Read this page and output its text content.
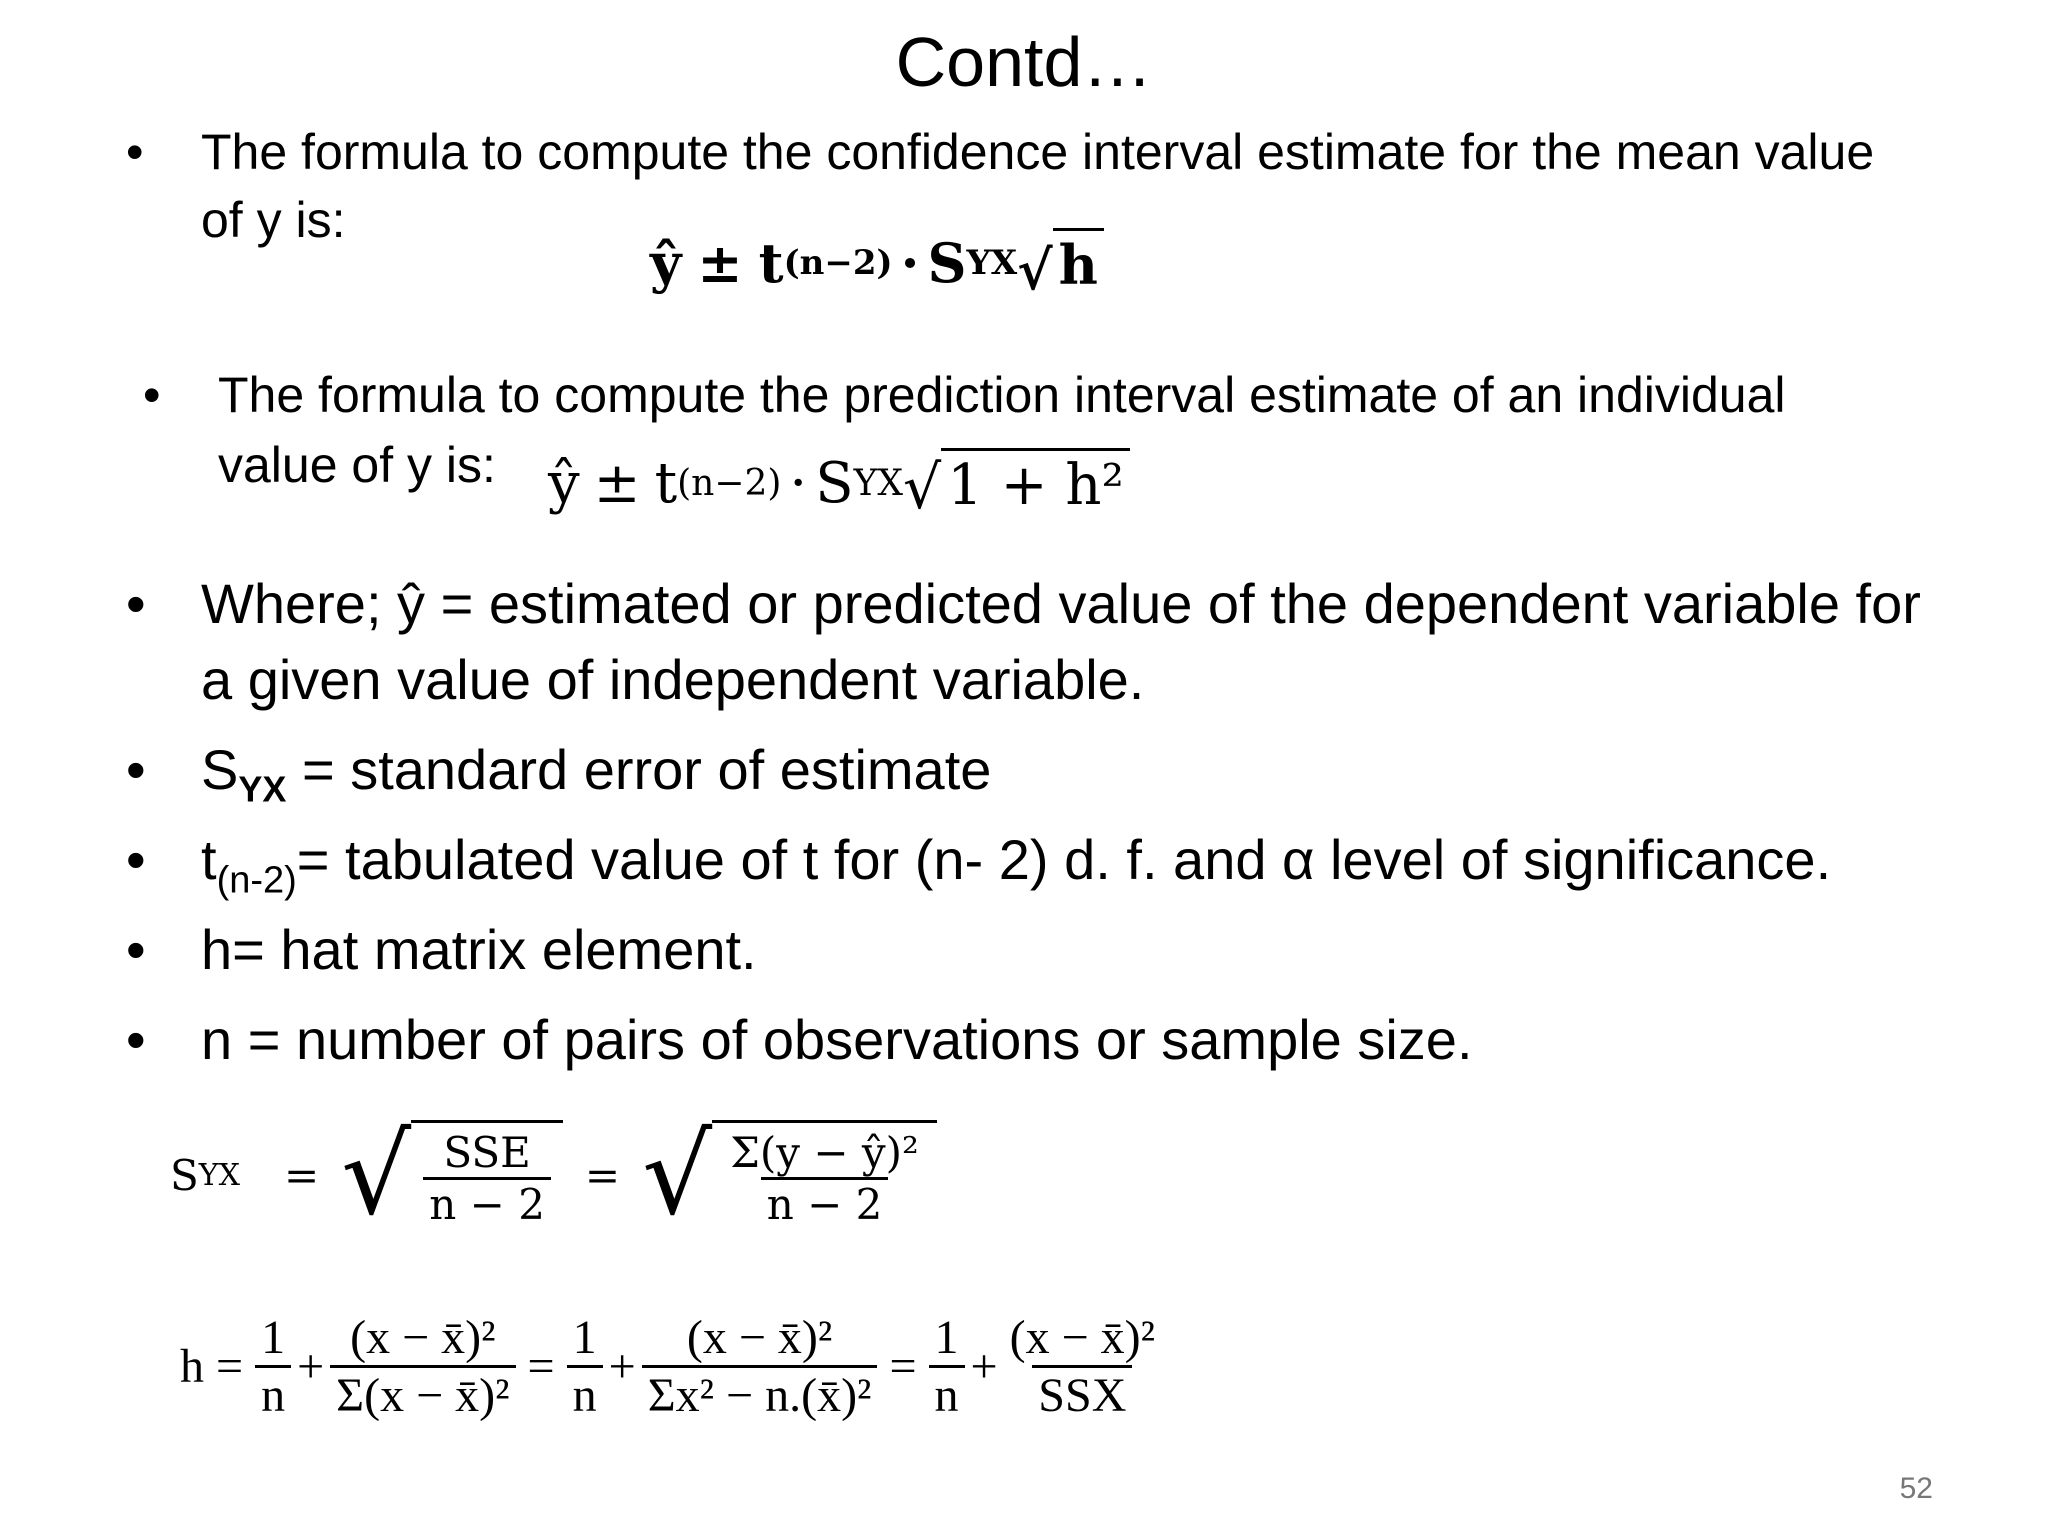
Contd…
• The formula to compute the confidence interval estimate for the mean value of y is:
ŷ ± t (n−2) · S YX √ h
• The formula to compute the prediction interval estimate of an individual value of y is: ŷ ± t (n−2) · S YX √ 1 + h²
• Where; ŷ = estimated or predicted value of the dependent variable for a given value of independent variable.
• $S_{YX}$ = standard error of estimate
• $t_{(n-2)}=$ tabulated value of t for (n- 2) d. f. and α level of significance.
• h= hat matrix element.
• n = number of pairs of observations or sample size.
S YX = √ $\frac{\text{SSE}}{n - 2}$ = √ $\frac{\text{Σ(y − ŷ)²}}{n - 2}$
$h = \frac{1}{n} + \frac{\text{(x − x̄)²}}{\text{Σ(x − x̄)²}} = \frac{1}{n} + \frac{\text{(x − x̄)²}}{\text{Σx² − n.(x̄)²}} = \frac{1}{n} + \frac{\text{(x − x̄)²}}{\text{SSX}}$
52
